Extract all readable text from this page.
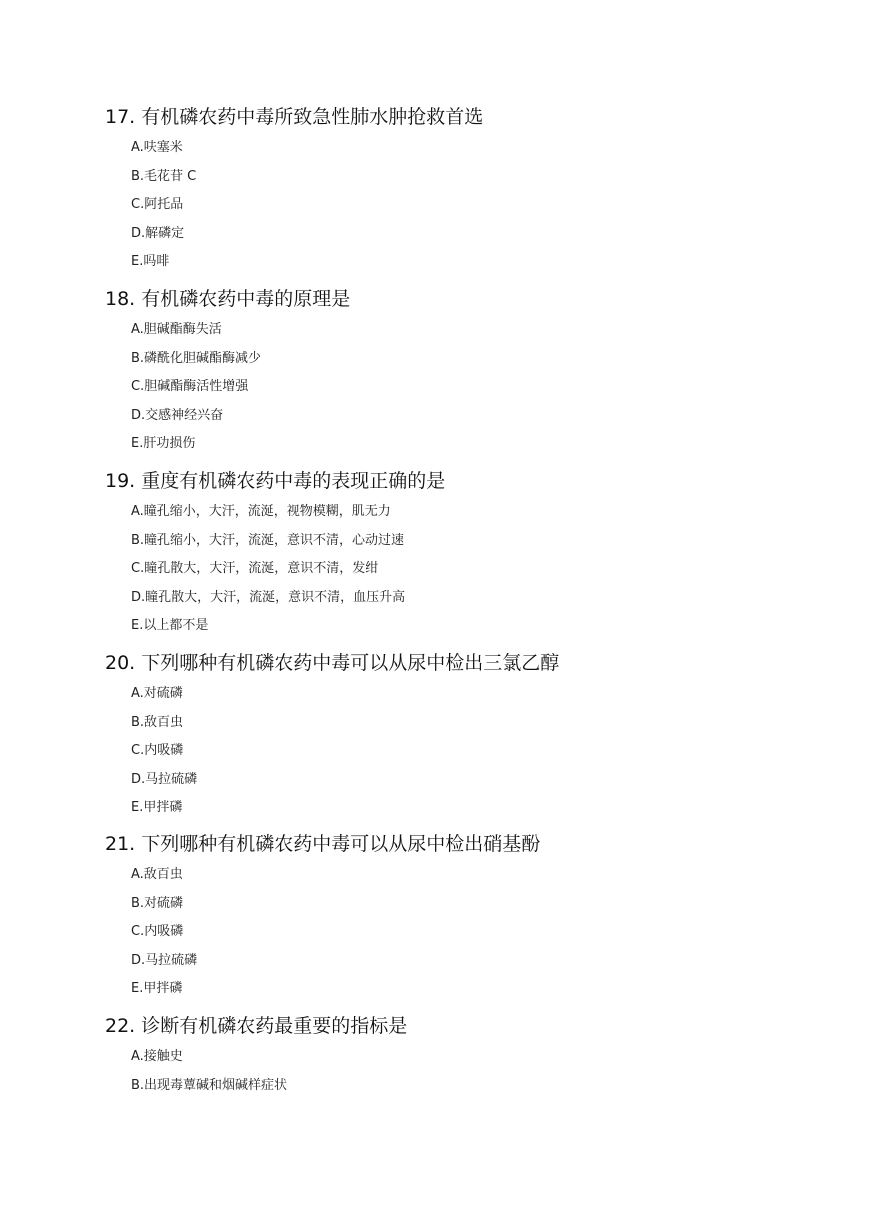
17. 有机磷农药中毒所致急性肺水肿抢救首选
A.呋塞米
B.毛花苷 C
C.阿托品
D.解磷定
E.吗啡
18. 有机磷农药中毒的原理是
A.胆碱酯酶失活
B.磷酰化胆碱酯酶减少
C.胆碱酯酶活性增强
D.交感神经兴奋
E.肝功损伤
19. 重度有机磷农药中毒的表现正确的是
A.瞳孔缩小，大汗，流涎，视物模糊，肌无力
B.瞳孔缩小，大汗，流涎，意识不清，心动过速
C.瞳孔散大，大汗，流涎，意识不清，发绀
D.瞳孔散大，大汗，流涎，意识不清，血压升高
E.以上都不是
20. 下列哪种有机磷农药中毒可以从尿中检出三氯乙醇
A.对硫磷
B.敌百虫
C.内吸磷
D.马拉硫磷
E.甲拌磷
21. 下列哪种有机磷农药中毒可以从尿中检出硝基酚
A.敌百虫
B.对硫磷
C.内吸磷
D.马拉硫磷
E.甲拌磷
22. 诊断有机磷农药最重要的指标是
A.接触史
B.出现毒蕈碱和烟碱样症状
